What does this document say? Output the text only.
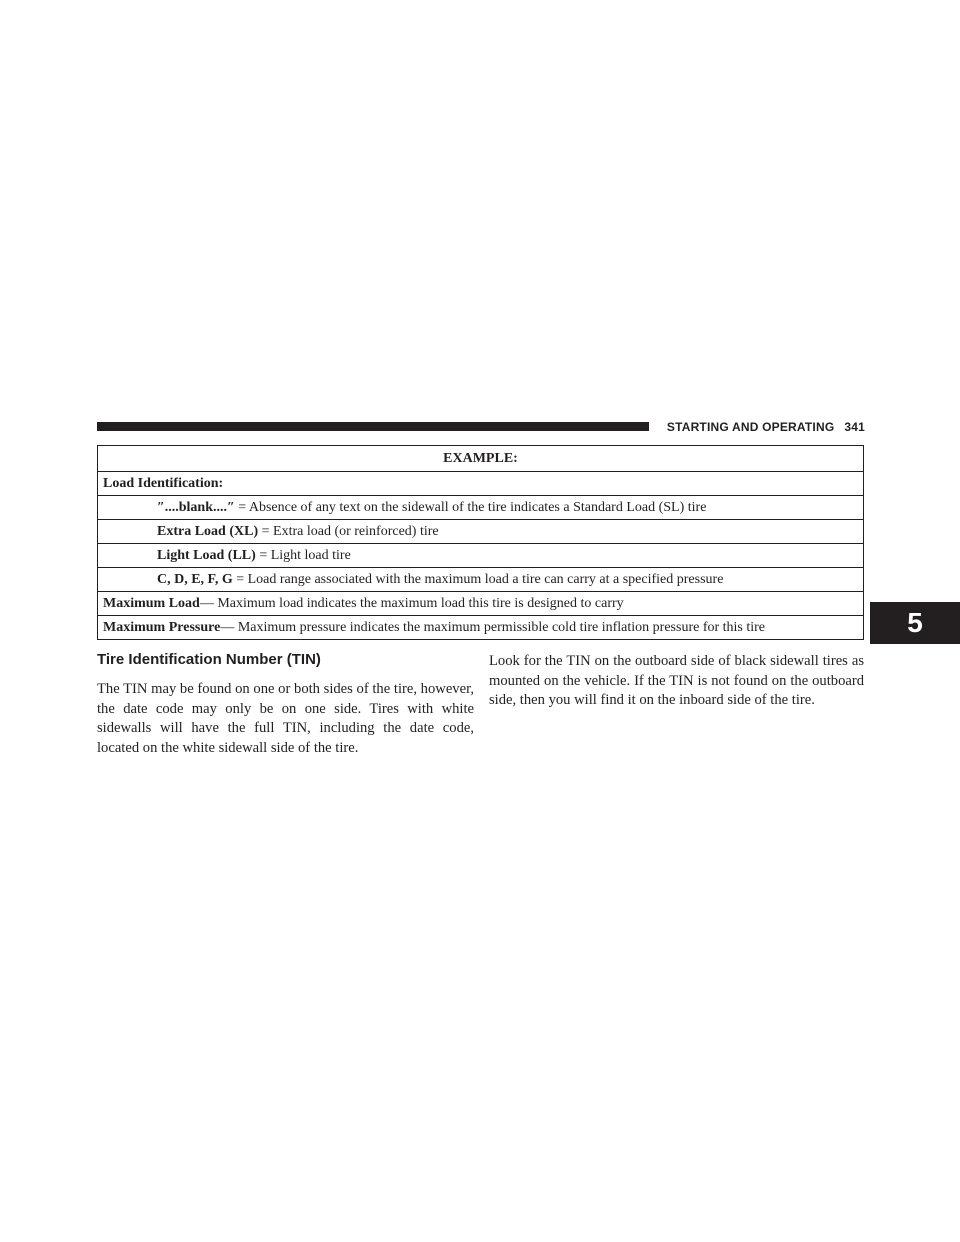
STARTING AND OPERATING 341
EXAMPLE:
Load Identification:
″....blank....″ = Absence of any text on the sidewall of the tire indicates a Standard Load (SL) tire
Extra Load (XL) = Extra load (or reinforced) tire
Light Load (LL) = Light load tire
C, D, E, F, G = Load range associated with the maximum load a tire can carry at a specified pressure
Maximum Load— Maximum load indicates the maximum load this tire is designed to carry
Maximum Pressure— Maximum pressure indicates the maximum permissible cold tire inflation pressure for this tire	5
Tire Identification Number (TIN)

The TIN may be found on one or both sides of the tire, however, the date code may only be on one side. Tires with white sidewalls will have the full TIN, including the date code, located on the white sidewall side of the tire.

Look for the TIN on the outboard side of black sidewall tires as mounted on the vehicle. If the TIN is not found on the outboard side, then you will find it on the inboard side of the tire.
